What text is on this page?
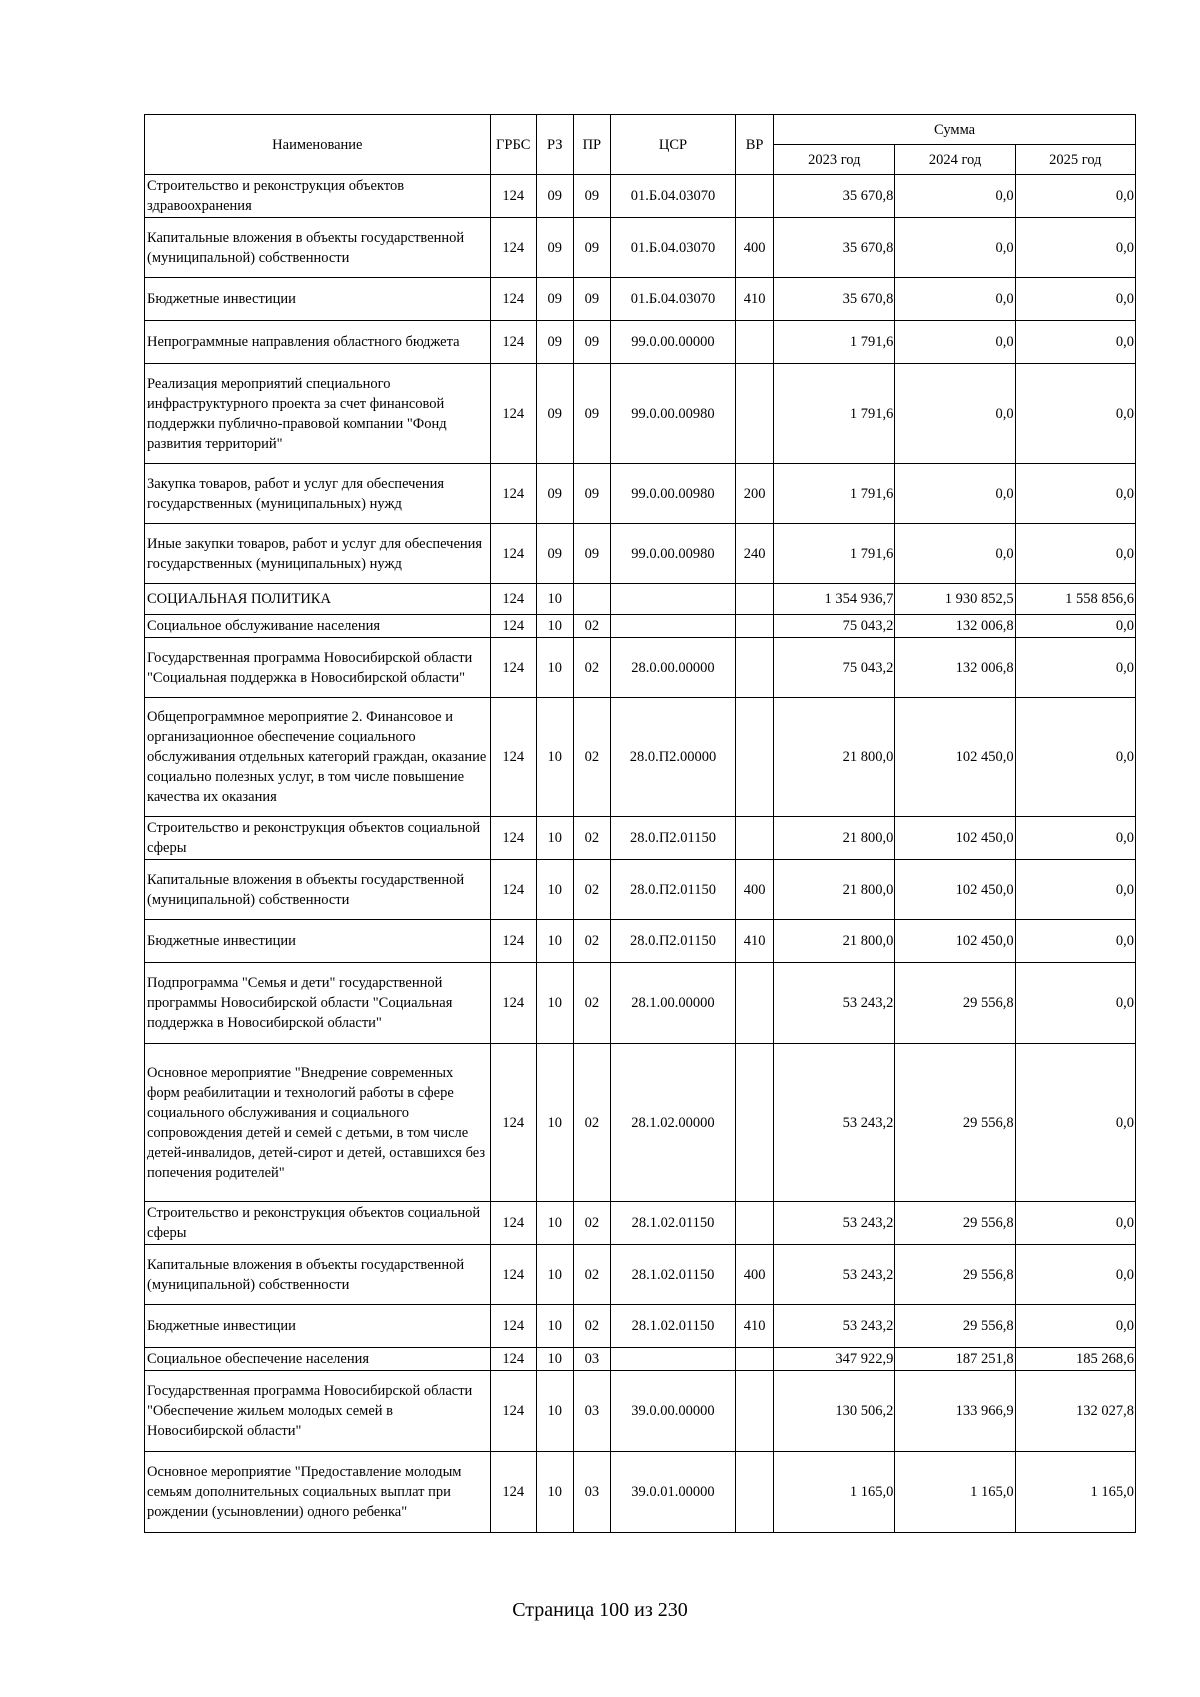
Наименование	ГРБС	РЗ	ПР	ЦСР	ВР	Сумма		
						2023 год	2024 год	2025 год
Строительство и реконструкция объектов здравоохранения	124	09	09	01.Б.04.03070		35 670,8	0,0	0,0
Капитальные вложения в объекты государственной (муниципальной) собственности	124	09	09	01.Б.04.03070	400	35 670,8	0,0	0,0
Бюджетные инвестиции	124	09	09	01.Б.04.03070	410	35 670,8	0,0	0,0
Непрограммные направления областного бюджета	124	09	09	99.0.00.00000		1 791,6	0,0	0,0
Реализация мероприятий специального инфраструктурного проекта за счет финансовой поддержки публично-правовой компании "Фонд развития территорий"	124	09	09	99.0.00.00980		1 791,6	0,0	0,0
Закупка товаров, работ и услуг для обеспечения государственных (муниципальных) нужд	124	09	09	99.0.00.00980	200	1 791,6	0,0	0,0
Иные закупки товаров, работ и услуг для обеспечения государственных (муниципальных) нужд	124	09	09	99.0.00.00980	240	1 791,6	0,0	0,0
СОЦИАЛЬНАЯ ПОЛИТИКА	124	10				1 354 936,7	1 930 852,5	1 558 856,6
Социальное обслуживание населения	124	10	02			75 043,2	132 006,8	0,0
Государственная программа Новосибирской области "Социальная поддержка в Новосибирской области"	124	10	02	28.0.00.00000		75 043,2	132 006,8	0,0
Общепрограммное мероприятие 2. Финансовое и организационное обеспечение социального обслуживания отдельных категорий граждан, оказание социально полезных услуг, в том числе повышение качества их оказания	124	10	02	28.0.П2.00000		21 800,0	102 450,0	0,0
Строительство и реконструкция объектов социальной сферы	124	10	02	28.0.П2.01150		21 800,0	102 450,0	0,0
Капитальные вложения в объекты государственной (муниципальной) собственности	124	10	02	28.0.П2.01150	400	21 800,0	102 450,0	0,0
Бюджетные инвестиции	124	10	02	28.0.П2.01150	410	21 800,0	102 450,0	0,0
Подпрограмма "Семья и дети" государственной программы Новосибирской области "Социальная поддержка в Новосибирской области"	124	10	02	28.1.00.00000		53 243,2	29 556,8	0,0
Основное мероприятие "Внедрение современных форм реабилитации и технологий работы в сфере социального обслуживания и социального сопровождения детей и семей с детьми, в том числе детей-инвалидов, детей-сирот и детей, оставшихся без попечения родителей"	124	10	02	28.1.02.00000		53 243,2	29 556,8	0,0
Строительство и реконструкция объектов социальной сферы	124	10	02	28.1.02.01150		53 243,2	29 556,8	0,0
Капитальные вложения в объекты государственной (муниципальной) собственности	124	10	02	28.1.02.01150	400	53 243,2	29 556,8	0,0
Бюджетные инвестиции	124	10	02	28.1.02.01150	410	53 243,2	29 556,8	0,0
Социальное обеспечение населения	124	10	03			347 922,9	187 251,8	185 268,6
Государственная программа Новосибирской области "Обеспечение жильем молодых семей в Новосибирской области"	124	10	03	39.0.00.00000		130 506,2	133 966,9	132 027,8
Основное мероприятие "Предоставление молодым семьям дополнительных социальных выплат при рождении (усыновлении) одного ребенка"	124	10	03	39.0.01.00000		1 165,0	1 165,0	1 165,0
Страница 100 из 230
